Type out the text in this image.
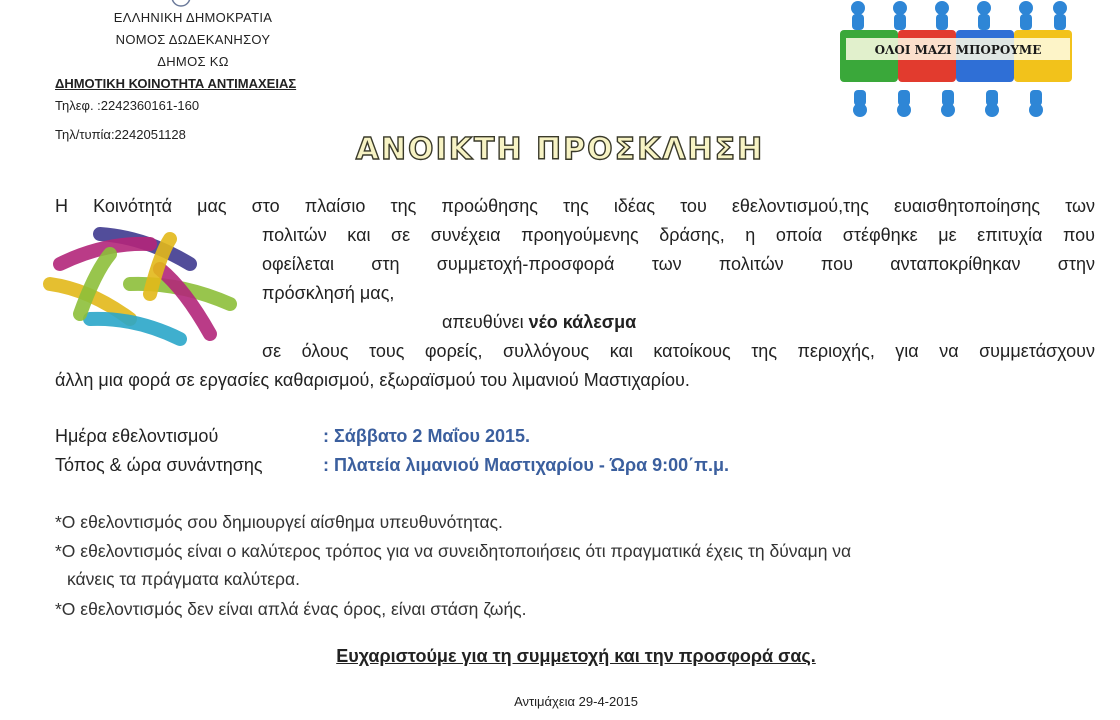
ΕΛΛΗΝΙΚΗ ΔΗΜΟΚΡΑΤΙΑ
ΝΟΜΟΣ ΔΩΔΕΚΑΝΗΣΟΥ
ΔΗΜΟΣ ΚΩ
ΔΗΜΟΤΙΚΗ ΚΟΙΝΟΤΗΤΑ ΑΝΤΙΜΑΧΕΙΑΣ
Τηλεφ. :2242360161-160
Τηλ/τυπία:2242051128
ΟΛΟΙ ΜΑΖΙ ΜΠΟΡΟΥΜΕ
ΑΝΟΙΚΤΗ ΠΡΟΣΚΛΗΣΗ
Η Κοινότητά μας στο πλαίσιο της προώθησης της ιδέας του εθελοντισμού,της ευαισθητοποίησης των
πολιτών και σε συνέχεια προηγούμενης δράσης, η οποία στέφθηκε με επιτυχία που
οφείλεται στη συμμετοχή-προσφορά των πολιτών που ανταποκρίθηκαν στην
πρόσκλησή μας,
απευθύνει νέο κάλεσμα
σε όλους τους φορείς, συλλόγους και κατοίκους της περιοχής, για να συμμετάσχουν
άλλη μια φορά σε εργασίες καθαρισμού, εξωραϊσμού του λιμανιού Μαστιχαρίου.
Ημέρα εθελοντισμού	: Σάββατο 2 Μαΐου 2015.
Τόπος & ώρα συνάντησης	: Πλατεία λιμανιού Μαστιχαρίου - Ώρα 9:00΄π.μ.
*Ο εθελοντισμός σου δημιουργεί αίσθημα υπευθυνότητας.
*Ο εθελοντισμός είναι ο καλύτερος τρόπος για να συνειδητοποιήσεις ότι πραγματικά έχεις τη δύναμη να
κάνεις τα πράγματα καλύτερα.
*Ο εθελοντισμός δεν είναι απλά ένας όρος, είναι στάση ζωής.
Ευχαριστούμε για τη συμμετοχή και την προσφορά σας.
Αντιμάχεια 29-4-2015
